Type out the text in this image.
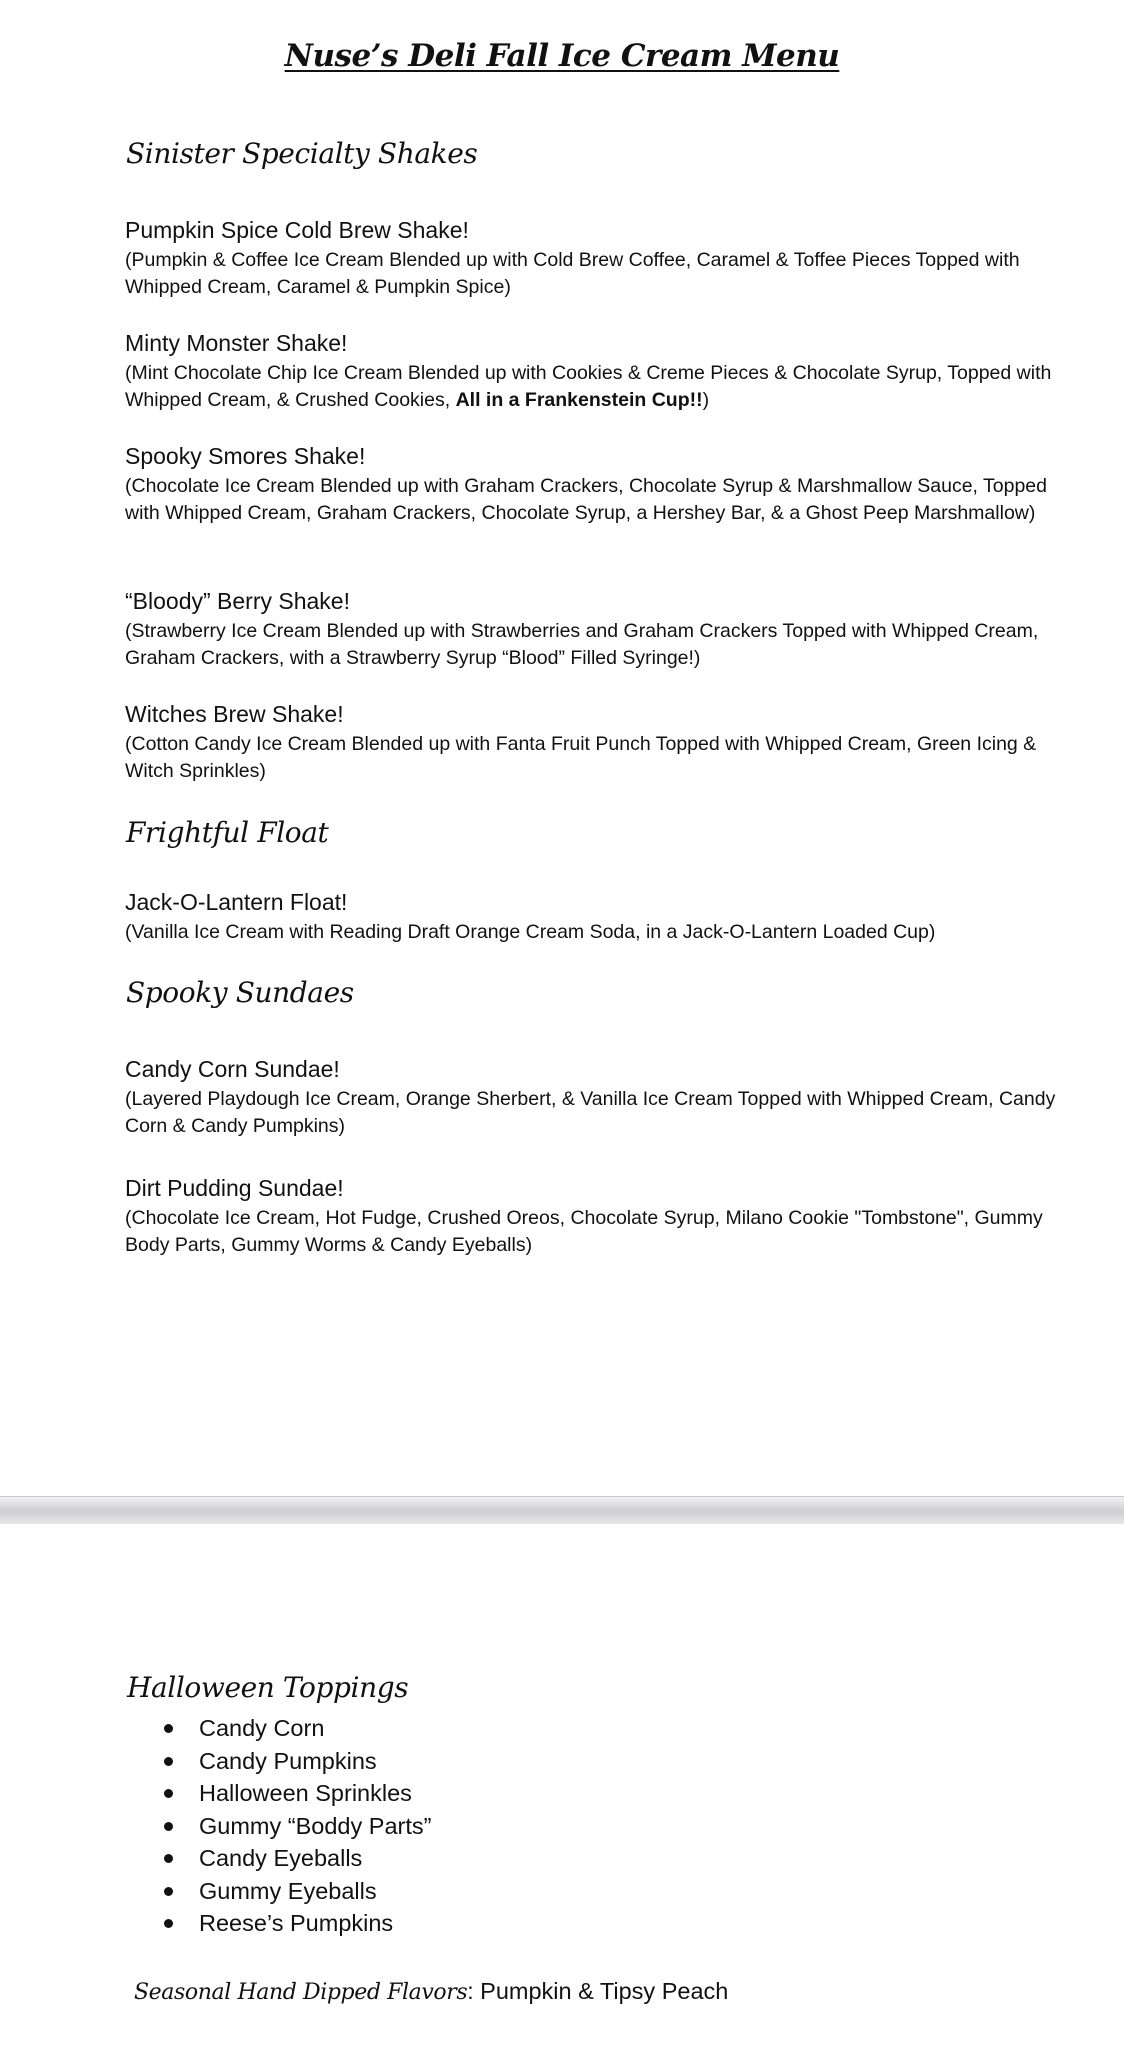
Nuse’s Deli Fall Ice Cream Menu
Sinister Specialty Shakes

Pumpkin Spice Cold Brew Shake!

(Pumpkin & Coffee Ice Cream Blended up with Cold Brew Coffee, Caramel & Toffee Pieces Topped with Whipped Cream, Caramel & Pumpkin Spice)

Minty Monster Shake!

(Mint Chocolate Chip Ice Cream Blended up with Cookies & Creme Pieces & Chocolate Syrup, Topped with Whipped Cream, & Crushed Cookies, All in a Frankenstein Cup!!)

Spooky Smores Shake!

(Chocolate Ice Cream Blended up with Graham Crackers, Chocolate Syrup & Marshmallow Sauce, Topped with Whipped Cream, Graham Crackers, Chocolate Syrup, a Hershey Bar, & a Ghost Peep Marshmallow)

“Bloody” Berry Shake!

(Strawberry Ice Cream Blended up with Strawberries and Graham Crackers Topped with Whipped Cream, Graham Crackers, with a Strawberry Syrup “Blood” Filled Syringe!)

Witches Brew Shake!

(Cotton Candy Ice Cream Blended up with Fanta Fruit Punch Topped with Whipped Cream, Green Icing & Witch Sprinkles)

Frightful Float

Jack-O-Lantern Float!

(Vanilla Ice Cream with Reading Draft Orange Cream Soda, in a Jack-O-Lantern Loaded Cup)

Spooky Sundaes

Candy Corn Sundae!

(Layered Playdough Ice Cream, Orange Sherbert, & Vanilla Ice Cream Topped with Whipped Cream, Candy Corn & Candy Pumpkins)

Dirt Pudding Sundae!

(Chocolate Ice Cream, Hot Fudge, Crushed Oreos, Chocolate Syrup, Milano Cookie "Tombstone", Gummy Body Parts, Gummy Worms & Candy Eyeballs)

Halloween Toppings
Candy Corn
Candy Pumpkins
Halloween Sprinkles
Gummy “Boddy Parts”
Candy Eyeballs
Gummy Eyeballs
Reese’s Pumpkins
Seasonal Hand Dipped Flavors: Pumpkin & Tipsy Peach
